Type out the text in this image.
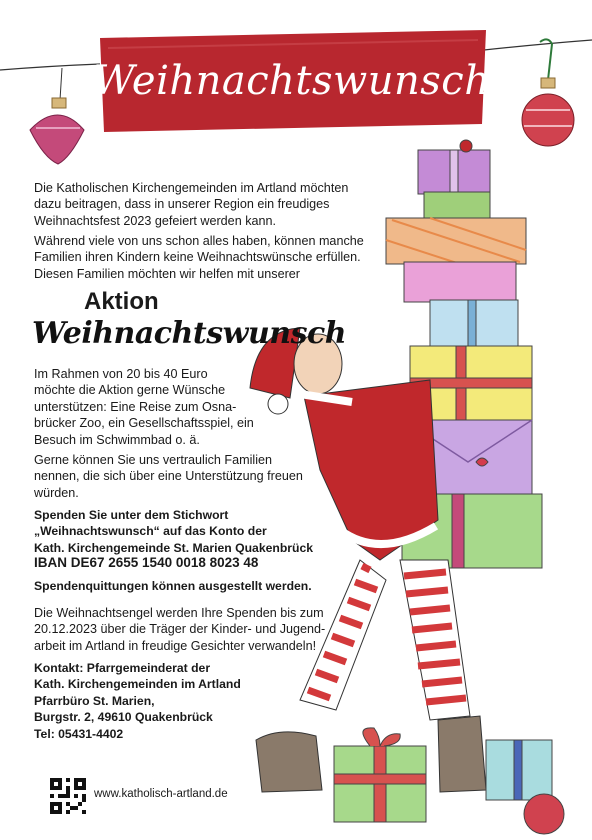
Weihnachtswunsch
Die Katholischen Kirchengemeinden im Artland möchten
dazu beitragen, dass in unserer Region ein freudiges
Weihnachtsfest 2023 gefeiert werden kann.
Während viele von uns schon alles haben, können manche
Familien ihren Kindern keine Weihnachtswünsche erfüllen.
Diesen Familien möchten wir helfen mit unserer
Aktion
Weihnachtswunsch
Im Rahmen von 20 bis 40 Euro
möchte die Aktion gerne Wünsche
unterstützen: Eine Reise zum Osna-
brücker Zoo, ein Gesellschaftsspiel, ein
Besuch im Schwimmbad o. ä.
Gerne können Sie uns vertraulich Familien
nennen, die sich über eine Unterstützung freuen
würden.
Spenden Sie unter dem Stichwort
„Weihnachtswunsch“ auf das Konto der
Kath. Kirchengemeinde St. Marien Quakenbrück
IBAN DE67 2655 1540 0018 8023 48
Spendenquittungen können ausgestellt werden.
Die Weihnachtsengel werden Ihre Spenden bis zum
20.12.2023 über die Träger der Kinder- und Jugend-
arbeit im Artland in freudige Gesichter verwandeln!
Kontakt: Pfarrgemeinderat der
Kath. Kirchengemeinden im Artland
Pfarrbüro St. Marien,
Burgstr. 2, 49610 Quakenbrück
Tel: 05431-4402
www.katholisch-artland.de
